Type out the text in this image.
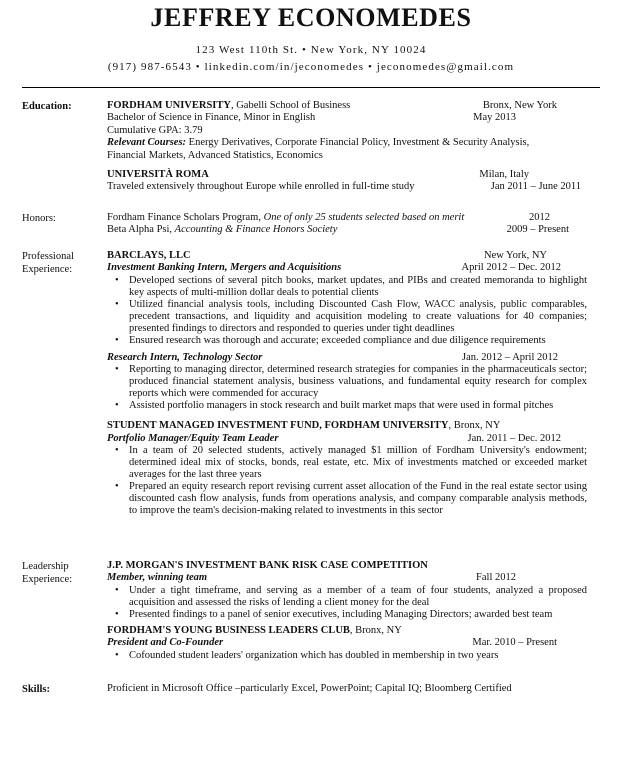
JEFFREY ECONOMEDES
123 West 110th St. • New York, NY 10024
(917) 987-6543 • linkedin.com/in/jeconomedes • jeconomedes@gmail.com
Education:	FORDHAM UNIVERSITY, Gabelli School of Business	Bronx, New York
Bachelor of Science in Finance, Minor in English	May 2013
Cumulative GPA: 3.79
Relevant Courses: Energy Derivatives, Corporate Financial Policy, Investment & Security Analysis,
Financial Markets, Advanced Statistics, Economics
UNIVERSITÀ ROMA	Milan, Italy
Traveled extensively throughout Europe while enrolled in full-time study	Jan 2011 – June 2011
Honors:	Fordham Finance Scholars Program, One of only 25 students selected based on merit	2012
Beta Alpha Psi, Accounting & Finance Honors Society	2009 – Present
Professional
Experience:
BARCLAYS, LLC	New York, NY
Investment Banking Intern, Mergers and Acquisitions	April 2012 – Dec. 2012
• Developed sections of several pitch books, market updates, and PIBs and created memoranda to highlight key aspects of multi-million dollar deals to potential clients
• Utilized financial analysis tools, including Discounted Cash Flow, WACC analysis, public comparables, precedent transactions, and liquidity and acquisition modeling to create valuations for 40 companies; presented findings to directors and responded to queries under tight deadlines
• Ensured research was thorough and accurate; exceeded compliance and due diligence requirements
Research Intern, Technology Sector	Jan. 2012 – April 2012
• Reporting to managing director, determined research strategies for companies in the pharmaceuticals sector; produced financial statement analysis, business valuations, and fundamental equity research for complex reports which were commended for accuracy
• Assisted portfolio managers in stock research and built market maps that were used in formal pitches
STUDENT MANAGED INVESTMENT FUND, FORDHAM UNIVERSITY, Bronx, NY
Portfolio Manager/Equity Team Leader	Jan. 2011 – Dec. 2012
• In a team of 20 selected students, actively managed $1 million of Fordham University's endowment; determined ideal mix of stocks, bonds, real estate, etc. Mix of investments matched or exceeded market averages for the last three years
• Prepared an equity research report revising current asset allocation of the Fund in the real estate sector using discounted cash flow analysis, funds from operations analysis, and company comparable analysis methods, to improve the team's decision-making related to investments in this sector
Leadership
Experience:
J.P. MORGAN'S INVESTMENT BANK RISK CASE COMPETITION
Member, winning team	Fall 2012
• Under a tight timeframe, and serving as a member of a team of four students, analyzed a proposed acquisition and assessed the risks of lending a client money for the deal
• Presented findings to a panel of senior executives, including Managing Directors; awarded best team
FORDHAM'S YOUNG BUSINESS LEADERS CLUB, Bronx, NY
President and Co-Founder	Mar. 2010 – Present
• Cofounded student leaders' organization which has doubled in membership in two years
Skills:	Proficient in Microsoft Office –particularly Excel, PowerPoint; Capital IQ; Bloomberg Certified
